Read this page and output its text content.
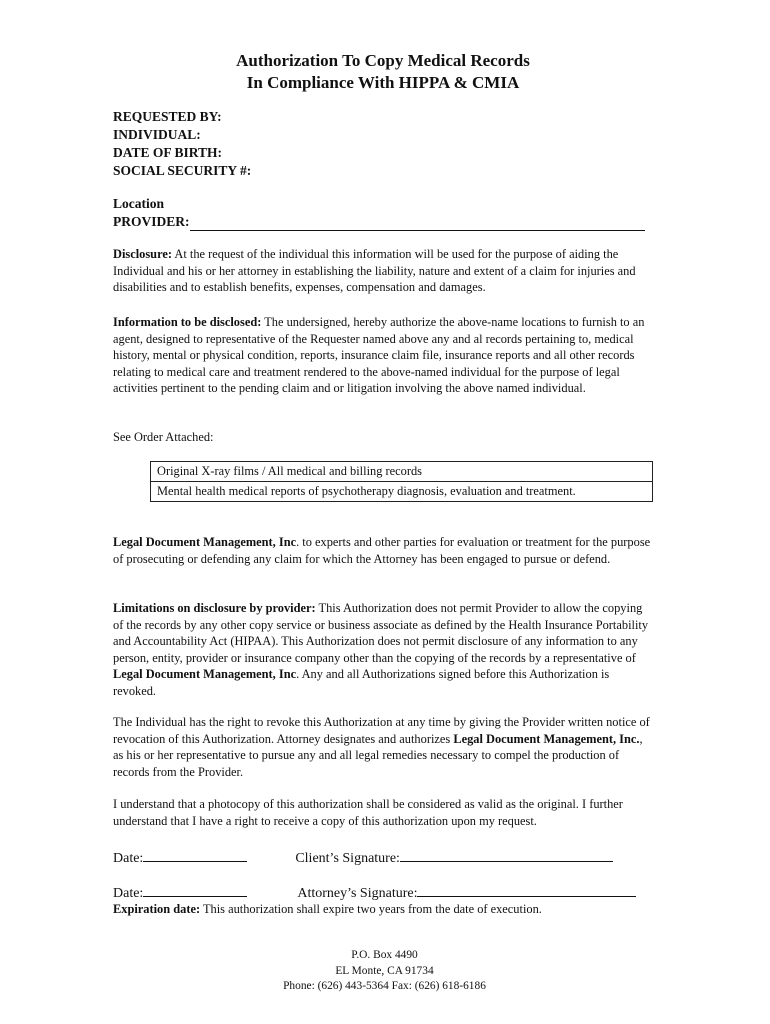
Authorization To Copy Medical Records
In Compliance With HIPPA & CMIA
REQUESTED BY:
INDIVIDUAL:
DATE OF BIRTH:
SOCIAL SECURITY #:
Location
PROVIDER:
Disclosure: At the request of the individual this information will be used for the purpose of aiding the Individual and his or her attorney in establishing the liability, nature and extent of a claim for injuries and disabilities and to establish benefits, expenses, compensation and damages.
Information to be disclosed: The undersigned, hereby authorize the above-name locations to furnish to an agent, designed to representative of the Requester named above any and al records pertaining to, medical history, mental or physical condition, reports, insurance claim file, insurance reports and all other records relating to medical care and treatment rendered to the above-named individual for the purpose of legal activities pertinent to the pending claim and or litigation involving the above named individual.
See Order Attached:
Original X-ray films / All medical and billing records
Mental health medical reports of psychotherapy diagnosis, evaluation and treatment.
Legal Document Management, Inc. to experts and other parties for evaluation or treatment for the purpose of prosecuting or defending any claim for which the Attorney has been engaged to pursue or defend.
Limitations on disclosure by provider: This Authorization does not permit Provider to allow the copying of the records by any other copy service or business associate as defined by the Health Insurance Portability and Accountability Act (HIPAA). This Authorization does not permit disclosure of any information to any person, entity, provider or insurance company other than the copying of the records by a representative of Legal Document Management, Inc. Any and all Authorizations signed before this Authorization is revoked.
The Individual has the right to revoke this Authorization at any time by giving the Provider written notice of revocation of this Authorization. Attorney designates and authorizes Legal Document Management, Inc., as his or her representative to pursue any and all legal remedies necessary to compel the production of records from the Provider.
I understand that a photocopy of this authorization shall be considered as valid as the original. I further understand that I have a right to receive a copy of this authorization upon my request.
Date:	Client’s Signature:
Date:	Attorney’s Signature:
Expiration date: This authorization shall expire two years from the date of execution.
P.O. Box 4490
EL Monte, CA 91734
Phone: (626) 443-5364 Fax: (626) 618-6186
